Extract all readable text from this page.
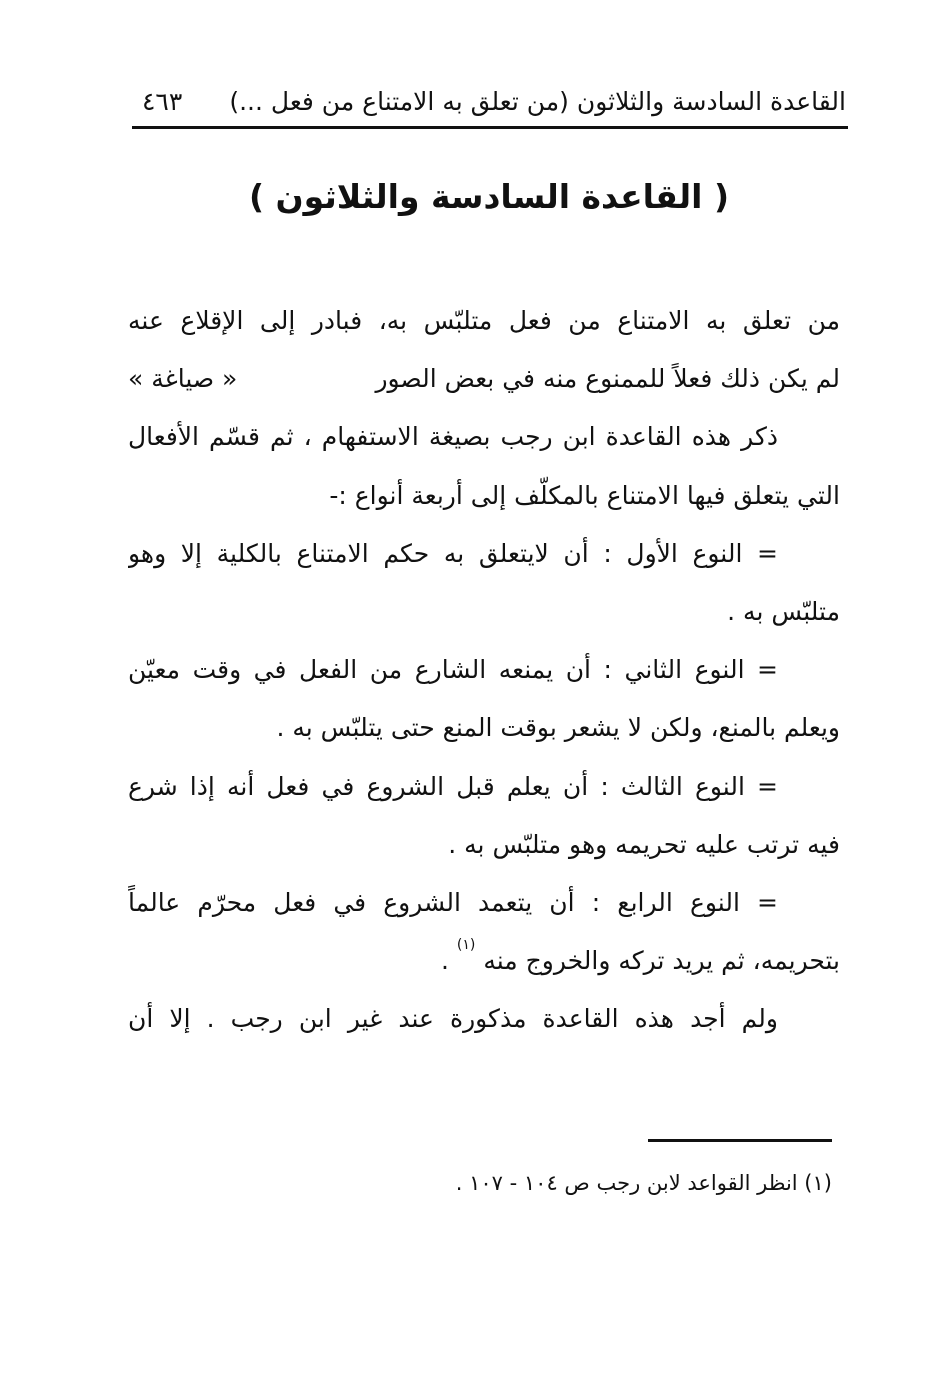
القاعدة السادسة والثلاثون (من تعلق به الامتناع من فعل ...)
٤٦٣
( القاعدة السادسة والثلاثون )
من تعلق به الامتناع من فعل متلبّس به، فبادر إلى الإقلاع عنه
لم يكن ذلك فعلاً للممنوع منه في بعض الصور
« صياغة »
ذكر هذه القاعدة ابن رجب بصيغة الاستفهام ، ثم قسّم الأفعال
التي يتعلق فيها الامتناع بالمكلّف إلى أربعة أنواع :-
= النوع الأول : أن لايتعلق به حكم الامتناع بالكلية إلا وهو
متلبّس به .
= النوع الثاني : أن يمنعه الشارع من الفعل في وقت معيّن
ويعلم بالمنع، ولكن لا يشعر بوقت المنع حتى يتلبّس به .
= النوع الثالث : أن يعلم قبل الشروع في فعل أنه إذا شرع
فيه ترتب عليه تحريمه وهو متلبّس به .
= النوع الرابع : أن يتعمد الشروع في فعل محرّم عالماً
بتحريمه، ثم يريد تركه والخروج منه $^{(١)}$ .
ولم أجد هذه القاعدة مذكورة عند غير ابن رجب . إلا أن
(١) انظر القواعد لابن رجب ص ١٠٤ - ١٠٧ .
